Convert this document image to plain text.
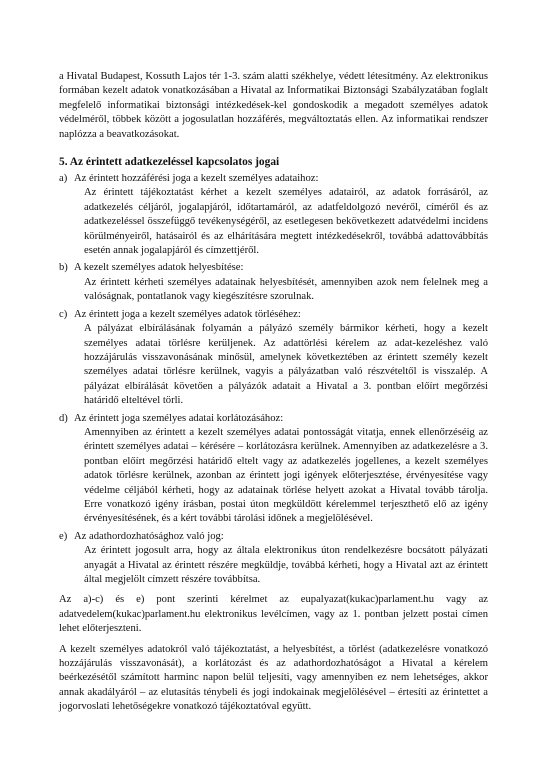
a Hivatal Budapest, Kossuth Lajos tér 1-3. szám alatti székhelye, védett létesítmény. Az elektronikus formában kezelt adatok vonatkozásában a Hivatal az Informatikai Biztonsági Szabályzatában foglalt megfelelő informatikai biztonsági intézkedések-kel gondoskodik a megadott személyes adatok védelméről, többek között a jogosulatlan hozzáférés, megváltoztatás ellen. Az informatikai rendszer naplózza a beavatkozásokat.

5. Az érintett adatkezeléssel kapcsolatos jogai
a) Az érintett hozzáférési joga a kezelt személyes adataihoz:

Az érintett tájékoztatást kérhet a kezelt személyes adatairól, az adatok forrásáról, az adatkezelés céljáról, jogalapjáról, időtartamáról, az adatfeldolgozó nevéről, címéről és az adatkezeléssel összefüggő tevékenységéről, az esetlegesen bekövetkezett adatvédelmi incidens körülményeiről, hatásairól és az elhárítására megtett intézkedésekről, továbbá adattovábbítás esetén annak jogalapjáról és címzettjéről.

b) A kezelt személyes adatok helyesbítése:

Az érintett kérheti személyes adatainak helyesbítését, amennyiben azok nem felelnek meg a valóságnak, pontatlanok vagy kiegészítésre szorulnak.

c) Az érintett joga a kezelt személyes adatok törléséhez:

A pályázat elbírálásának folyamán a pályázó személy bármikor kérheti, hogy a kezelt személyes adatai törlésre kerüljenek. Az adattörlési kérelem az adat-kezeléshez való hozzájárulás visszavonásának minősül, amelynek következtében az érintett személy kezelt személyes adatai törlésre kerülnek, vagyis a pályázatban való részvételtől is visszalép. A pályázat elbírálását követően a pályázók adatait a Hivatal a 3. pontban előírt megőrzési határidő elteltével törli.

d) Az érintett joga személyes adatai korlátozásához:

Amennyiben az érintett a kezelt személyes adatai pontosságát vitatja, ennek ellenőrzéséig az érintett személyes adatai – kérésére – korlátozásra kerülnek. Amennyiben az adatkezelésre a 3. pontban előírt megőrzési határidő eltelt vagy az adatkezelés jogellenes, a kezelt személyes adatok törlésre kerülnek, azonban az érintett jogi igények előterjesztése, érvényesítése vagy védelme céljából kérheti, hogy az adatainak törlése helyett azokat a Hivatal tovább tárolja. Erre vonatkozó igény írásban, postai úton megküldött kérelemmel terjeszthető elő az igény érvényesítésének, és a kért további tárolási időnek a megjelölésével.

e) Az adathordozhatósághoz való jog:

Az érintett jogosult arra, hogy az általa elektronikus úton rendelkezésre bocsátott pályázati anyagát a Hivatal az érintett részére megküldje, továbbá kérheti, hogy a Hivatal azt az érintett által megjelölt címzett részére továbbítsa.

Az a)-c) és e) pont szerinti kérelmet az eupalyazat(kukac)parlament.hu vagy az adatvedelem(kukac)parlament.hu elektronikus levélcímen, vagy az 1. pontban jelzett postai címen lehet előterjeszteni.

A kezelt személyes adatokról való tájékoztatást, a helyesbítést, a törlést (adatkezelésre vonatkozó hozzájárulás visszavonását), a korlátozást és az adathordozhatóságot a Hivatal a kérelem beérkezésétől számított harminc napon belül teljesíti, vagy amennyiben ez nem lehetséges, akkor annak akadályáról – az elutasítás ténybeli és jogi indokainak megjelölésével – értesíti az érintettet a jogorvoslati lehetőségekre vonatkozó tájékoztatóval együtt.
